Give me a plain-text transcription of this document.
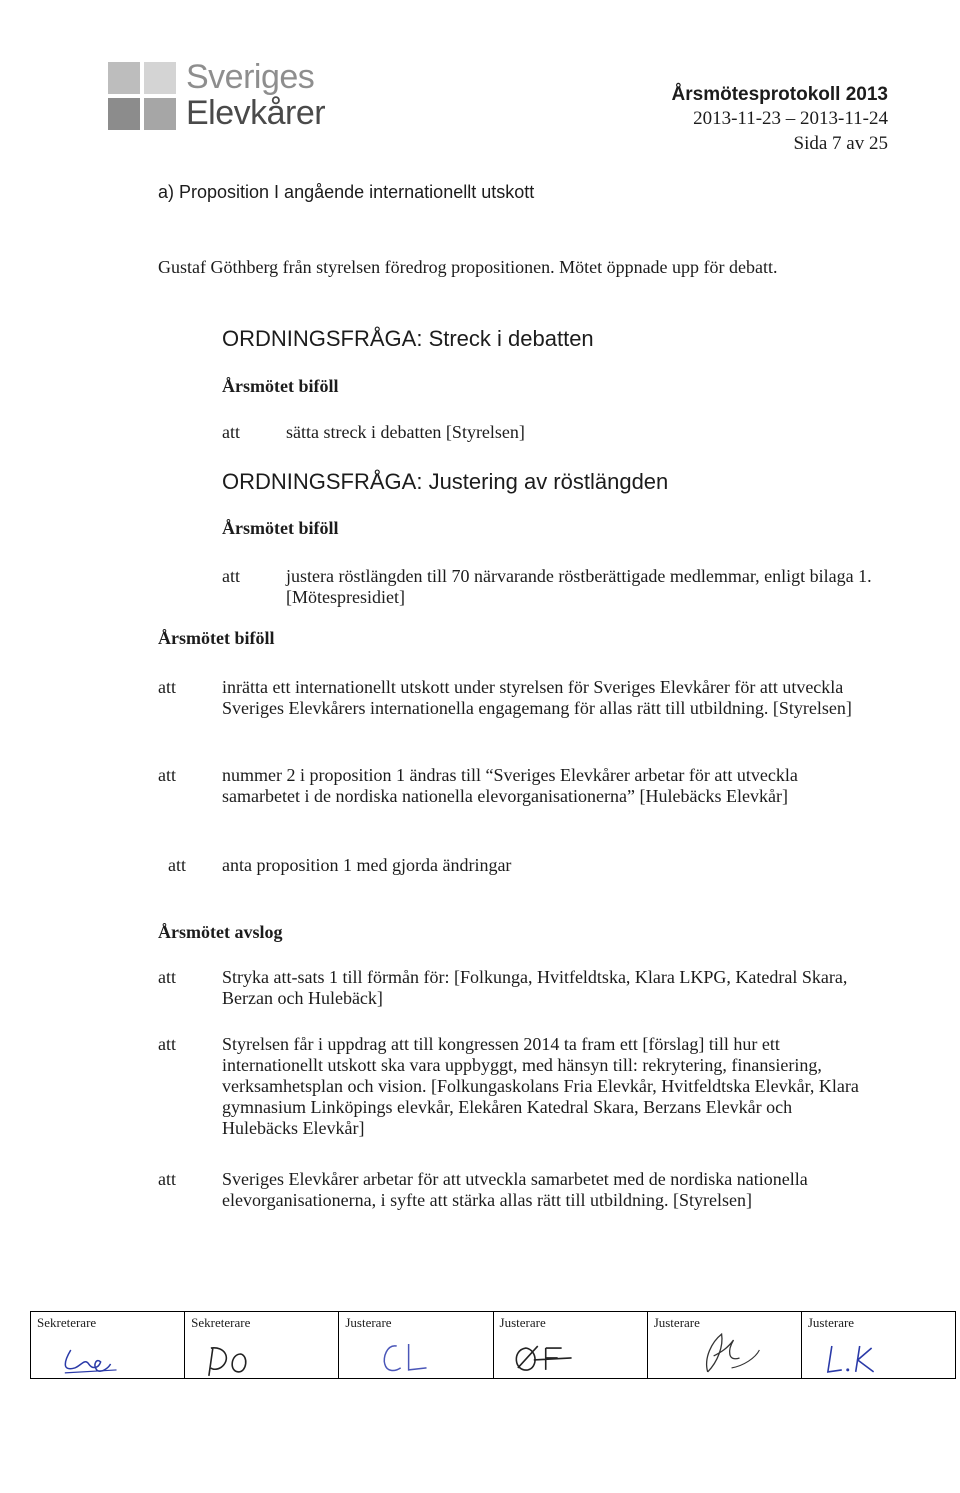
Sveriges
Elevkårer	Årsmötesprotokoll 2013
2013-11-23 – 2013-11-24
Sida 7 av 25
a) Proposition I angående internationellt utskott
Gustaf Göthberg från styrelsen föredrog propositionen. Mötet öppnade upp för debatt.
ORDNINGSFRÅGA: Streck i debatten
Årsmötet biföll
att	sätta streck i debatten [Styrelsen]
ORDNINGSFRÅGA: Justering av röstlängden
Årsmötet biföll
att	justera röstlängden till 70 närvarande röstberättigade medlemmar, enligt bilaga 1. [Mötespresidiet]
Årsmötet biföll
att	inrätta ett internationellt utskott under styrelsen för Sveriges Elevkårer för att utveckla Sveriges Elevkårers internationella engagemang för allas rätt till utbildning. [Styrelsen]
att	nummer 2 i proposition 1 ändras till “Sveriges Elevkårer arbetar för att utveckla samarbetet i de nordiska nationella elevorganisationerna” [Hulebäcks Elevkår]
att anta proposition 1 med gjorda ändringar
Årsmötet avslog
att	Stryka att-sats 1 till förmån för: [Folkunga, Hvitfeldtska, Klara LKPG, Katedral Skara, Berzan och Hulebäck]
att	Styrelsen får i uppdrag att till kongressen 2014 ta fram ett [förslag] till hur ett internationellt utskott ska vara uppbyggt, med hänsyn till: rekrytering, finansiering, verksamhetsplan och vision. [Folkungaskolans Fria Elevkår, Hvitfeldtska Elevkår, Klara gymnasium Linköpings elevkår, Elekåren Katedral Skara, Berzans Elevkår och Hulebäcks Elevkår]
att	Sveriges Elevkårer arbetar för att utveckla samarbetet med de nordiska nationella elevorganisationerna, i syfte att stärka allas rätt till utbildning. [Styrelsen]
Sekreterare	Sekreterare	Justerare	Justerare	Justerare	Justerare
